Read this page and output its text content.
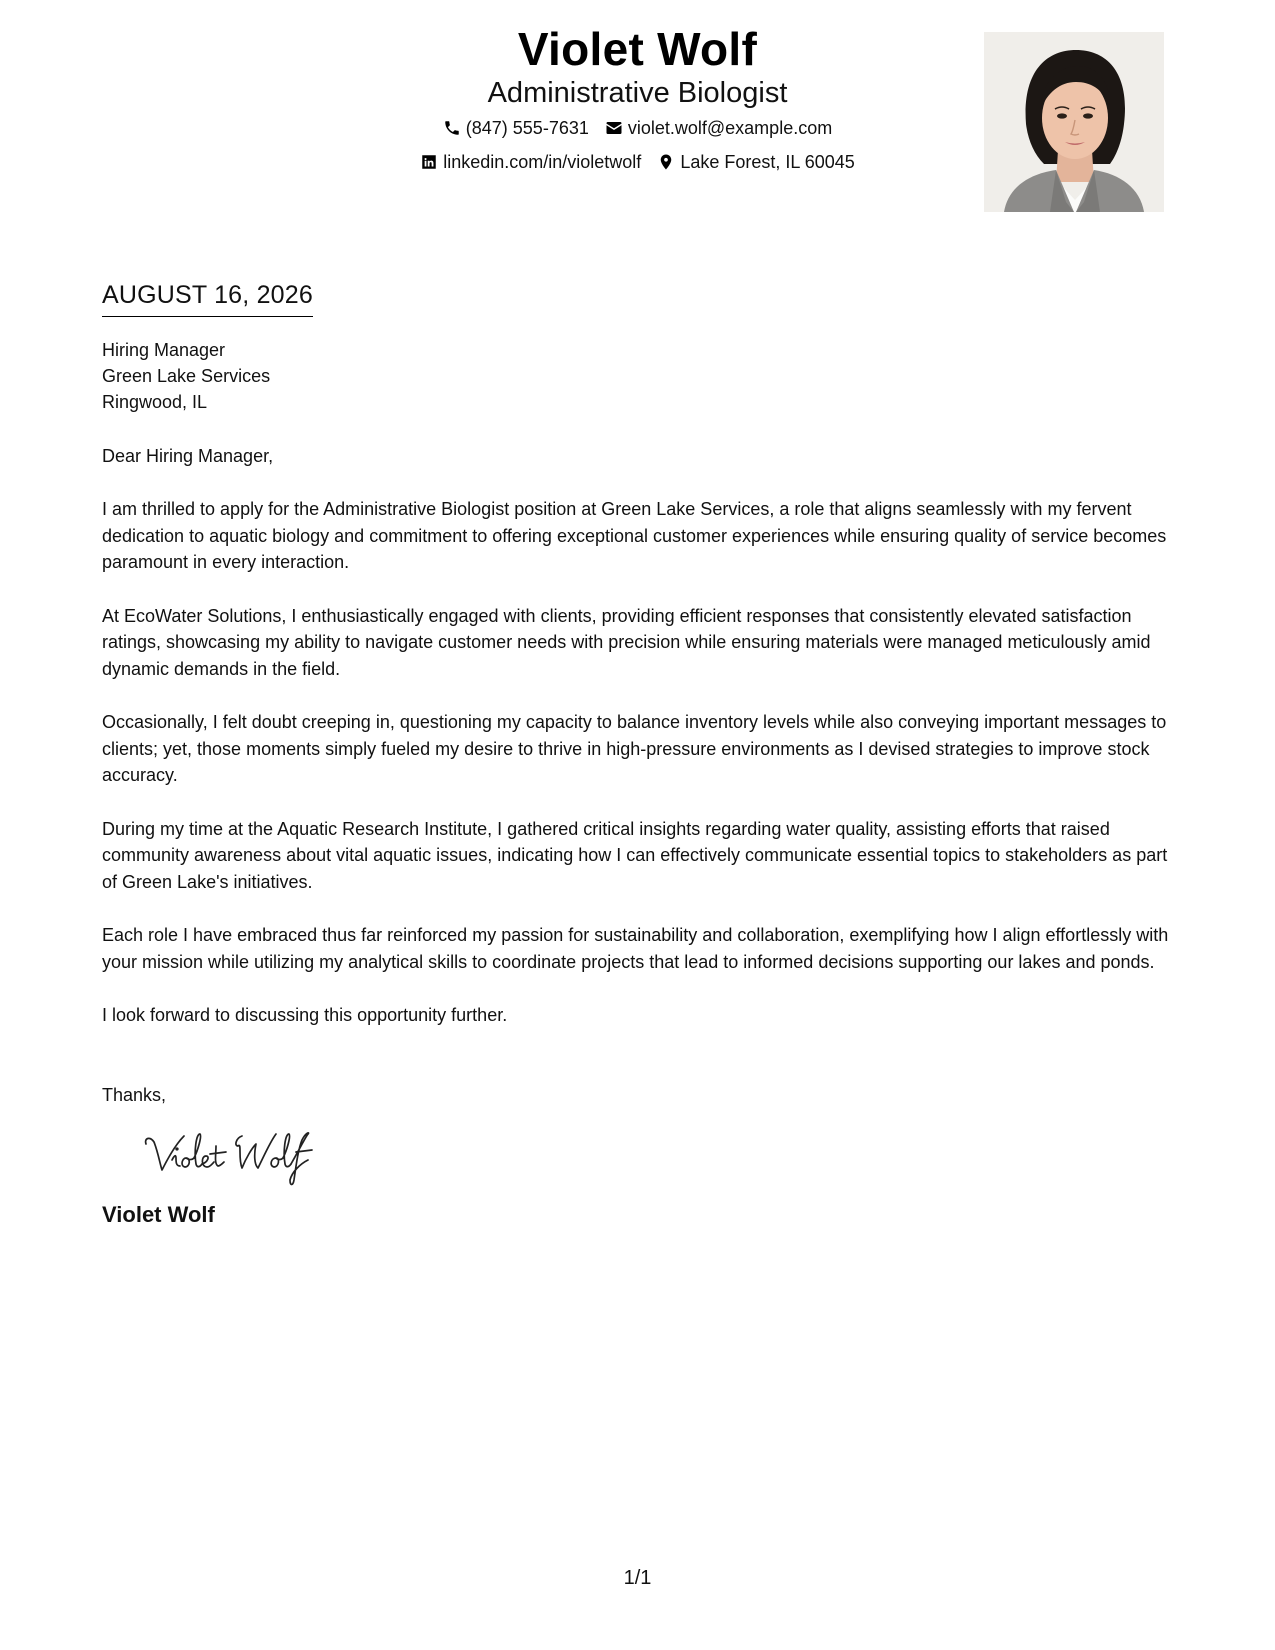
Violet Wolf
Administrative Biologist
(847) 555-7631 violet.wolf@example.com
linkedin.com/in/violetwolf Lake Forest, IL 60045
AUGUST 16, 2026
Hiring Manager
Green Lake Services
Ringwood, IL
Dear Hiring Manager,
I am thrilled to apply for the Administrative Biologist position at Green Lake Services, a role that aligns seamlessly with my fervent dedication to aquatic biology and commitment to offering exceptional customer experiences while ensuring quality of service becomes paramount in every interaction.
At EcoWater Solutions, I enthusiastically engaged with clients, providing efficient responses that consistently elevated satisfaction ratings, showcasing my ability to navigate customer needs with precision while ensuring materials were managed meticulously amid dynamic demands in the field.
Occasionally, I felt doubt creeping in, questioning my capacity to balance inventory levels while also conveying important messages to clients; yet, those moments simply fueled my desire to thrive in high-pressure environments as I devised strategies to improve stock accuracy.
During my time at the Aquatic Research Institute, I gathered critical insights regarding water quality, assisting efforts that raised community awareness about vital aquatic issues, indicating how I can effectively communicate essential topics to stakeholders as part of Green Lake's initiatives.
Each role I have embraced thus far reinforced my passion for sustainability and collaboration, exemplifying how I align effortlessly with your mission while utilizing my analytical skills to coordinate projects that lead to informed decisions supporting our lakes and ponds.
I look forward to discussing this opportunity further.
Thanks,
Violet Wolf
1/1
